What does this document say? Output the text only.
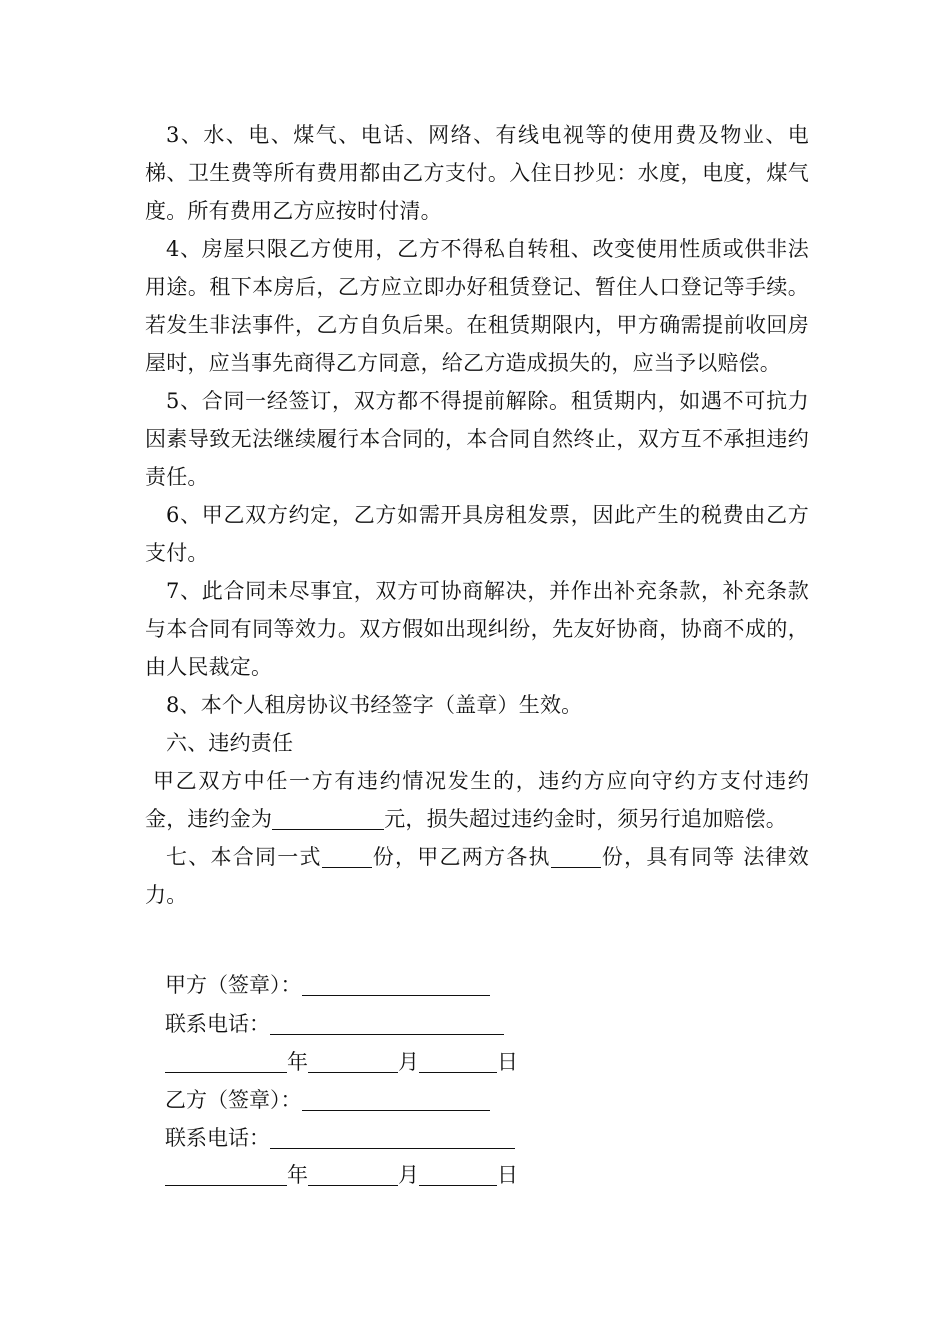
3、水、电、煤气、电话、网络、有线电视等的使用费及物业、电梯、卫生费等所有费用都由乙方支付。入住日抄见：水度，电度，煤气度。所有费用乙方应按时付清。

4、房屋只限乙方使用，乙方不得私自转租、改变使用性质或供非法用途。租下本房后，乙方应立即办好租赁登记、暂住人口登记等手续。若发生非法事件，乙方自负后果。在租赁期限内，甲方确需提前收回房屋时，应当事先商得乙方同意，给乙方造成损失的，应当予以赔偿。

5、合同一经签订，双方都不得提前解除。租赁期内，如遇不可抗力因素导致无法继续履行本合同的，本合同自然终止，双方互不承担违约责任。

6、甲乙双方约定，乙方如需开具房租发票，因此产生的税费由乙方支付。

7、此合同未尽事宜，双方可协商解决，并作出补充条款，补充条款与本合同有同等效力。双方假如出现纠纷，先友好协商，协商不成的，由人民裁定。

8、本个人租房协议书经签字（盖章）生效。

六、违约责任

甲乙双方中任一方有违约情况发生的，违约方应向守约方支付违约金，违约金为	元，损失超过违约金时，须另行追加赔偿。

七、本合同一式 份，甲乙两方各执 份，具有同等 法律效力。

甲方（签章）：
联系电话：
年	月	日
乙方（签章）：
联系电话：
年	月	日
